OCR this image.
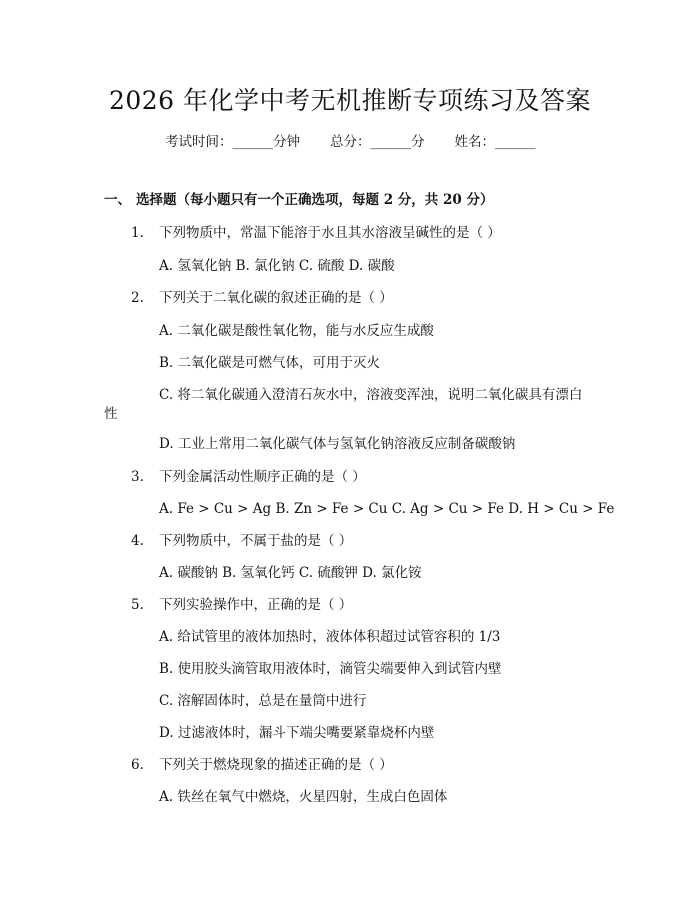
2026 年化学中考无机推断专项练习及答案
考试时间：______分钟 总分：______分 姓名：______
一、 选择题（每小题只有一个正确选项，每题 2 分，共 20 分）
1. 下列物质中，常温下能溶于水且其水溶液呈碱性的是（ ）
A. 氢氧化钠 B. 氯化钠 C. 硫酸 D. 碳酸
2. 下列关于二氧化碳的叙述正确的是（ ）
A. 二氧化碳是酸性氧化物，能与水反应生成酸
B. 二氧化碳是可燃气体，可用于灭火
C. 将二氧化碳通入澄清石灰水中，溶液变浑浊，说明二氧化碳具有漂白
性
D. 工业上常用二氧化碳气体与氢氧化钠溶液反应制备碳酸钠
3. 下列金属活动性顺序正确的是（ ）
A. Fe > Cu > Ag B. Zn > Fe > Cu C. Ag > Cu > Fe D. H > Cu > Fe
4. 下列物质中，不属于盐的是（ ）
A. 碳酸钠 B. 氢氧化钙 C. 硫酸钾 D. 氯化铵
5. 下列实验操作中，正确的是（ ）
A. 给试管里的液体加热时，液体体积超过试管容积的 1/3
B. 使用胶头滴管取用液体时，滴管尖端要伸入到试管内壁
C. 溶解固体时，总是在量筒中进行
D. 过滤液体时，漏斗下端尖嘴要紧靠烧杯内壁
6. 下列关于燃烧现象的描述正确的是（ ）
A. 铁丝在氧气中燃烧，火星四射，生成白色固体
